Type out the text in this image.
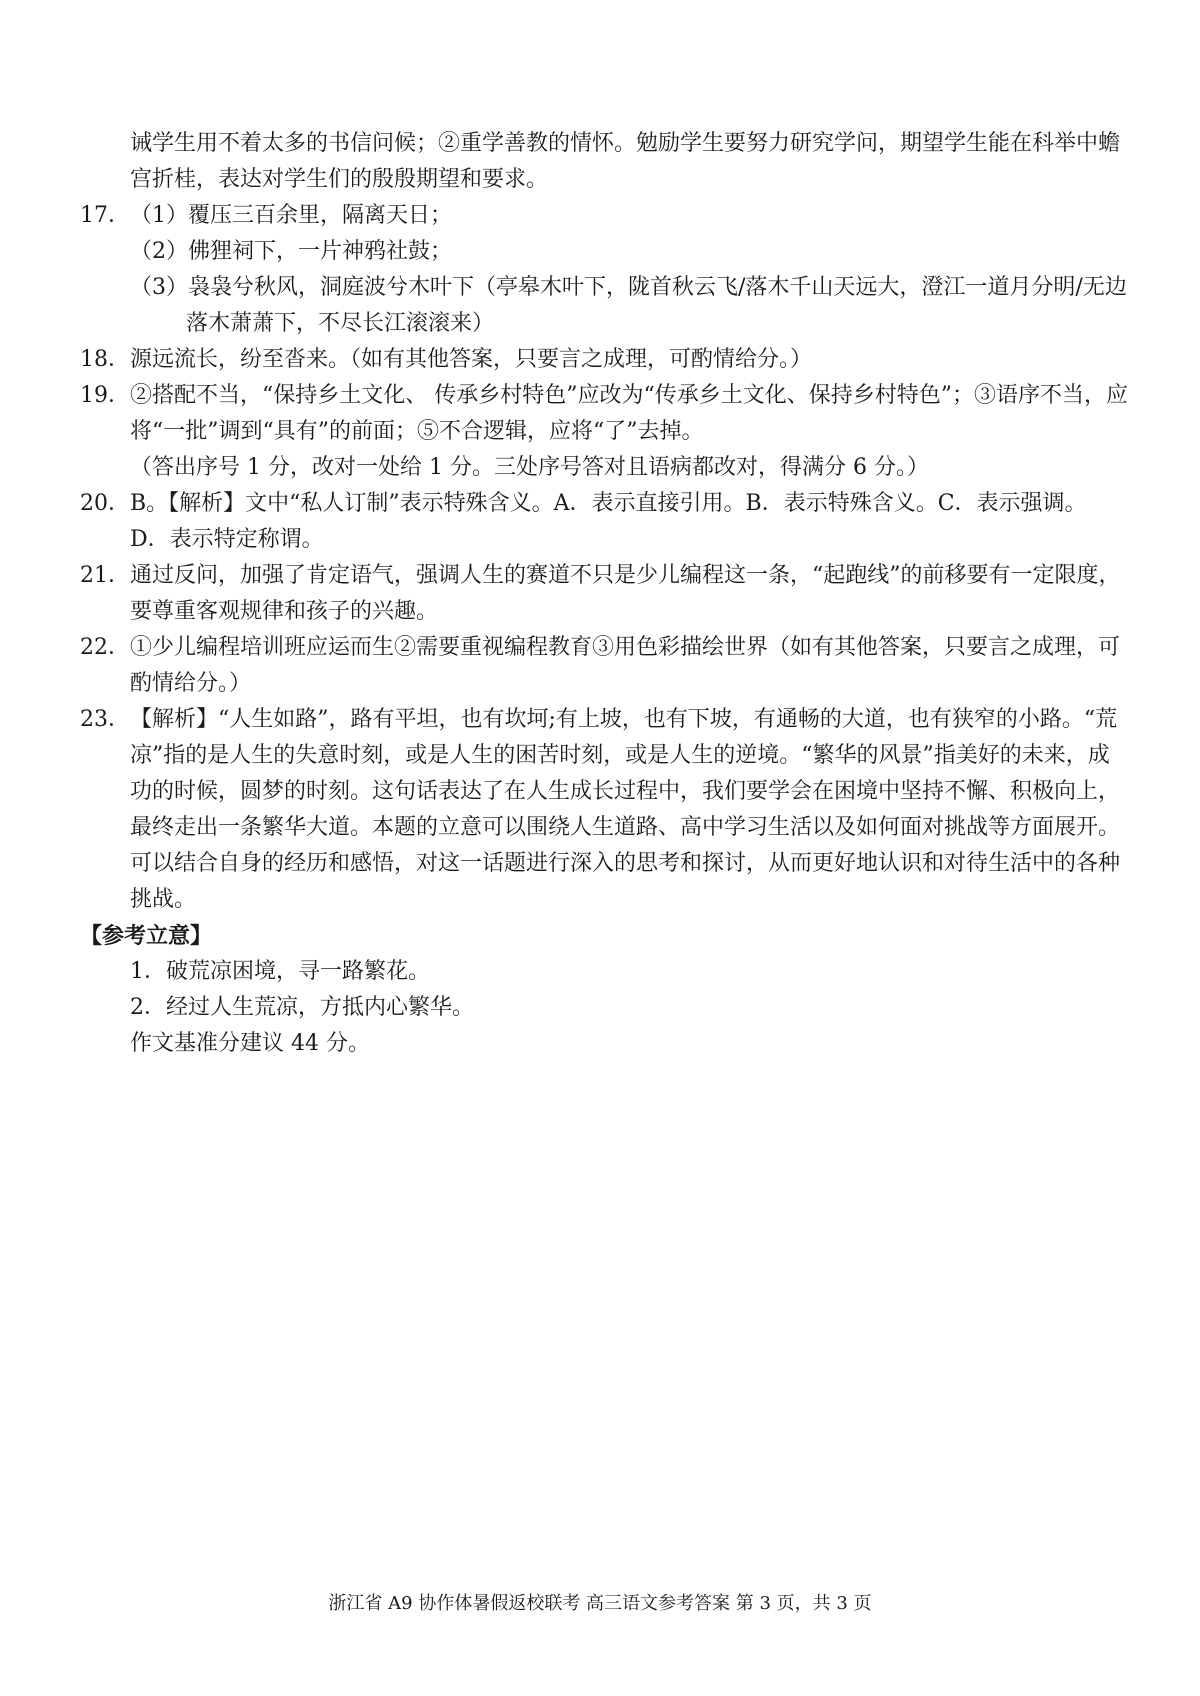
诫学生用不着太多的书信问候；②重学善教的情怀。勉励学生要努力研究学问，期望学生能在科举中蟾宫折桂，表达对学生们的殷殷期望和要求。
17．（1）覆压三百余里，隔离天日；
（2）佛狸祠下，一片神鸦社鼓；
（3）袅袅兮秋风，洞庭波兮木叶下（亭皋木叶下，陇首秋云飞/落木千山天远大，澄江一道月分明/无边落木萧萧下，不尽长江滚滚来）
18．源远流长，纷至沓来。（如有其他答案，只要言之成理，可酌情给分。）
19．②搭配不当，“保持乡土文化、 传承乡村特色”应改为“传承乡土文化、保持乡村特色”；③语序不当，应将“一批”调到“具有”的前面；⑤不合逻辑，应将“了”去掉。
（答出序号 1 分，改对一处给 1 分。三处序号答对且语病都改对，得满分 6 分。）
20．B。【解析】文中“私人订制”表示特殊含义。A．表示直接引用。B．表示特殊含义。C．表示强调。 D．表示特定称谓。
21．通过反问，加强了肯定语气，强调人生的赛道不只是少儿编程这一条，“起跑线”的前移要有一定限度，要尊重客观规律和孩子的兴趣。
22．①少儿编程培训班应运而生②需要重视编程教育③用色彩描绘世界（如有其他答案，只要言之成理，可酌情给分。）
23．【解析】“人生如路”，路有平坦，也有坎坷;有上坡，也有下坡，有通畅的大道，也有狭窄的小路。“荒凉”指的是人生的失意时刻，或是人生的困苦时刻，或是人生的逆境。“繁华的风景”指美好的未来，成功的时候，圆梦的时刻。这句话表达了在人生成长过程中，我们要学会在困境中坚持不懈、积极向上，最终走出一条繁华大道。本题的立意可以围绕人生道路、高中学习生活以及如何面对挑战等方面展开。可以结合自身的经历和感悟，对这一话题进行深入的思考和探讨，从而更好地认识和对待生活中的各种挑战。
【参考立意】
1．破荒凉困境，寻一路繁花。
2．经过人生荒凉，方抵内心繁华。
作文基准分建议 44 分。
浙江省 A9 协作体暑假返校联考 高三语文参考答案 第 3 页，共 3 页
